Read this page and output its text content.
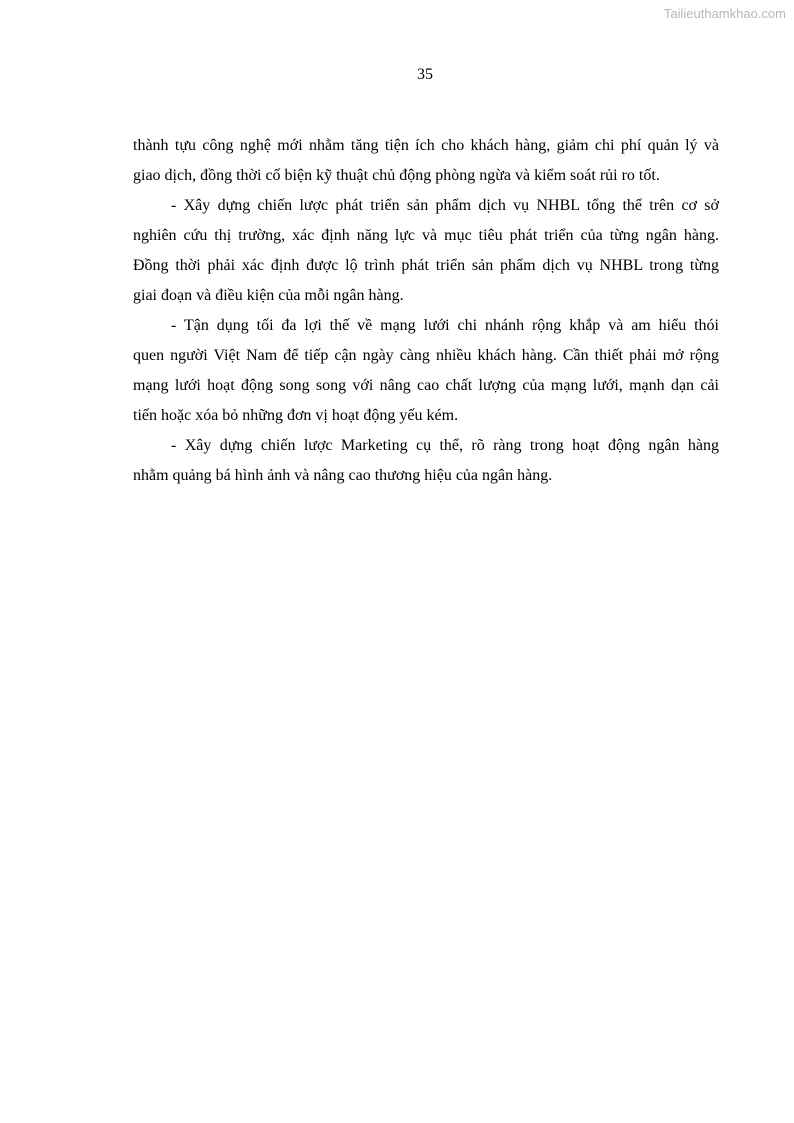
Tailieuthamkhao.com
35
thành tựu công nghệ mới nhằm tăng tiện ích cho khách hàng, giảm chi phí quản lý và
giao dịch, đồng thời cố biện kỹ thuật chủ động phòng ngừa và kiểm soát rủi ro tốt.
- Xây dựng chiến lược phát triển sản phẩm dịch vụ NHBL tổng thể trên cơ sở
nghiên cứu thị trường, xác định năng lực và mục tiêu phát triển của từng ngân hàng.
Đồng thời phải xác định được lộ trình phát triển sản phẩm dịch vụ NHBL trong từng
giai đoạn và điều kiện của mỗi ngân hàng.
- Tận dụng tối đa lợi thế về mạng lưới chi nhánh rộng khắp và am hiểu thói
quen người Việt Nam để tiếp cận ngày càng nhiều khách hàng. Cần thiết phải mở rộng
mạng lưới hoạt động song song với nâng cao chất lượng của mạng lưới, mạnh dạn cải
tiến hoặc xóa bỏ những đơn vị hoạt động yếu kém.
- Xây dựng chiến lược Marketing cụ thể, rõ ràng trong hoạt động ngân hàng
nhằm quảng bá hình ảnh và nâng cao thương hiệu của ngân hàng.
